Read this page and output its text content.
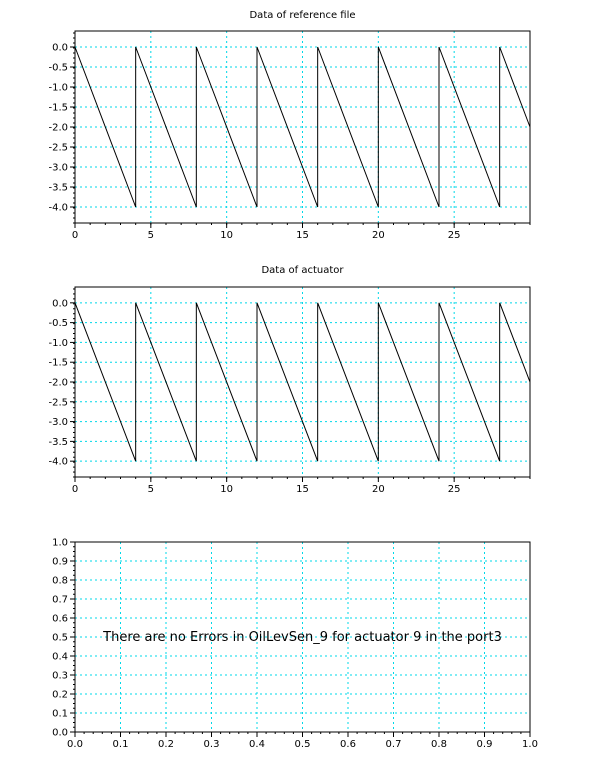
Data of reference file
0	5	10	15	20	25
0.0
-0.5
-1.0
-1.5
-2.0
-2.5
-3.0
-3.5
-4.0
Data of actuator
0	5	10	15	20	25
0.0
-0.5
-1.0
-1.5
-2.0
-2.5
-3.0
-3.5
-4.0
0.0	0.1	0.2	0.3	0.4	0.5	0.6	0.7	0.8	0.9	1.0
0.0
0.1
0.2
0.3
0.4
0.5
0.6
0.7
0.8
0.9
1.0
There are no Errors in OilLevSen_9 for actuator 9 in the port3
